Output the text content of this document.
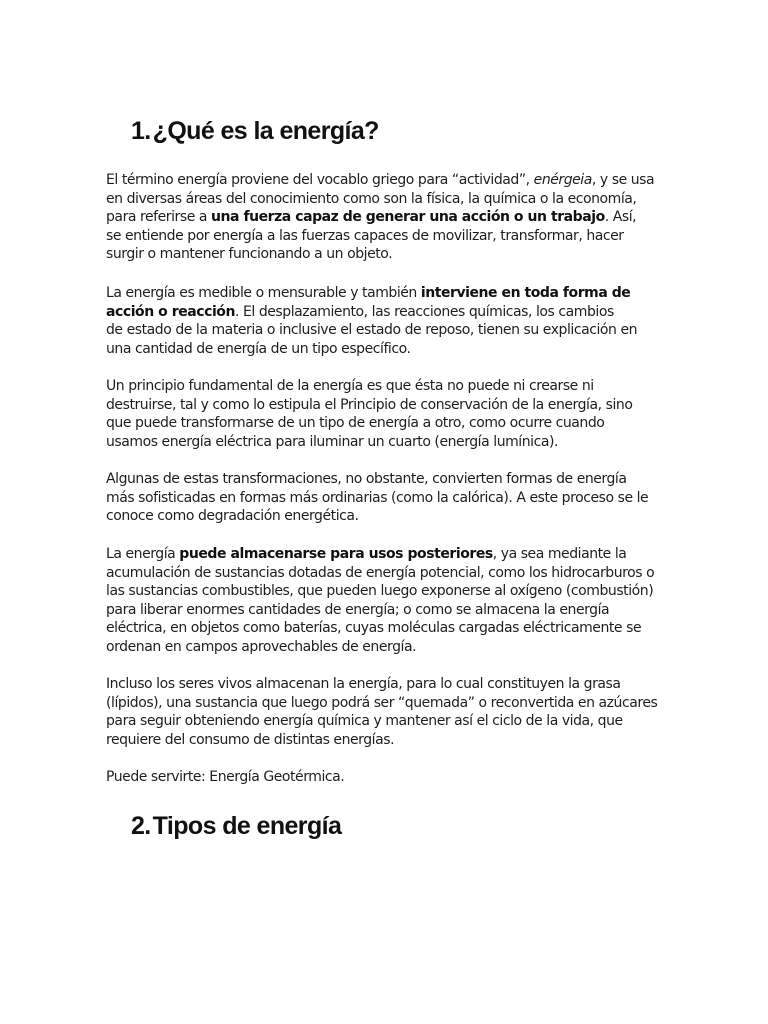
1.¿Qué es la energía?

El término energía proviene del vocablo griego para “actividad”, enérgeia, y se usa
en diversas áreas del conocimiento como son la física, la química o la economía,
para referirse a una fuerza capaz de generar una acción o un trabajo. Así,
se entiende por energía a las fuerzas capaces de movilizar, transformar, hacer
surgir o mantener funcionando a un objeto.

La energía es medible o mensurable y también interviene en toda forma de
acción o reacción. El desplazamiento, las reacciones químicas, los cambios
de estado de la materia o inclusive el estado de reposo, tienen su explicación en
una cantidad de energía de un tipo específico.

Un principio fundamental de la energía es que ésta no puede ni crearse ni
destruirse, tal y como lo estipula el Principio de conservación de la energía, sino
que puede transformarse de un tipo de energía a otro, como ocurre cuando
usamos energía eléctrica para iluminar un cuarto (energía lumínica).

Algunas de estas transformaciones, no obstante, convierten formas de energía
más sofisticadas en formas más ordinarias (como la calórica). A este proceso se le
conoce como degradación energética.

La energía puede almacenarse para usos posteriores, ya sea mediante la
acumulación de sustancias dotadas de energía potencial, como los hidrocarburos o
las sustancias combustibles, que pueden luego exponerse al oxígeno (combustión)
para liberar enormes cantidades de energía; o como se almacena la energía
eléctrica, en objetos como baterías, cuyas moléculas cargadas eléctricamente se
ordenan en campos aprovechables de energía.

Incluso los seres vivos almacenan la energía, para lo cual constituyen la grasa
(lípidos), una sustancia que luego podrá ser “quemada” o reconvertida en azúcares
para seguir obteniendo energía química y mantener así el ciclo de la vida, que
requiere del consumo de distintas energías.

Puede servirte: Energía Geotérmica.

2.Tipos de energía
